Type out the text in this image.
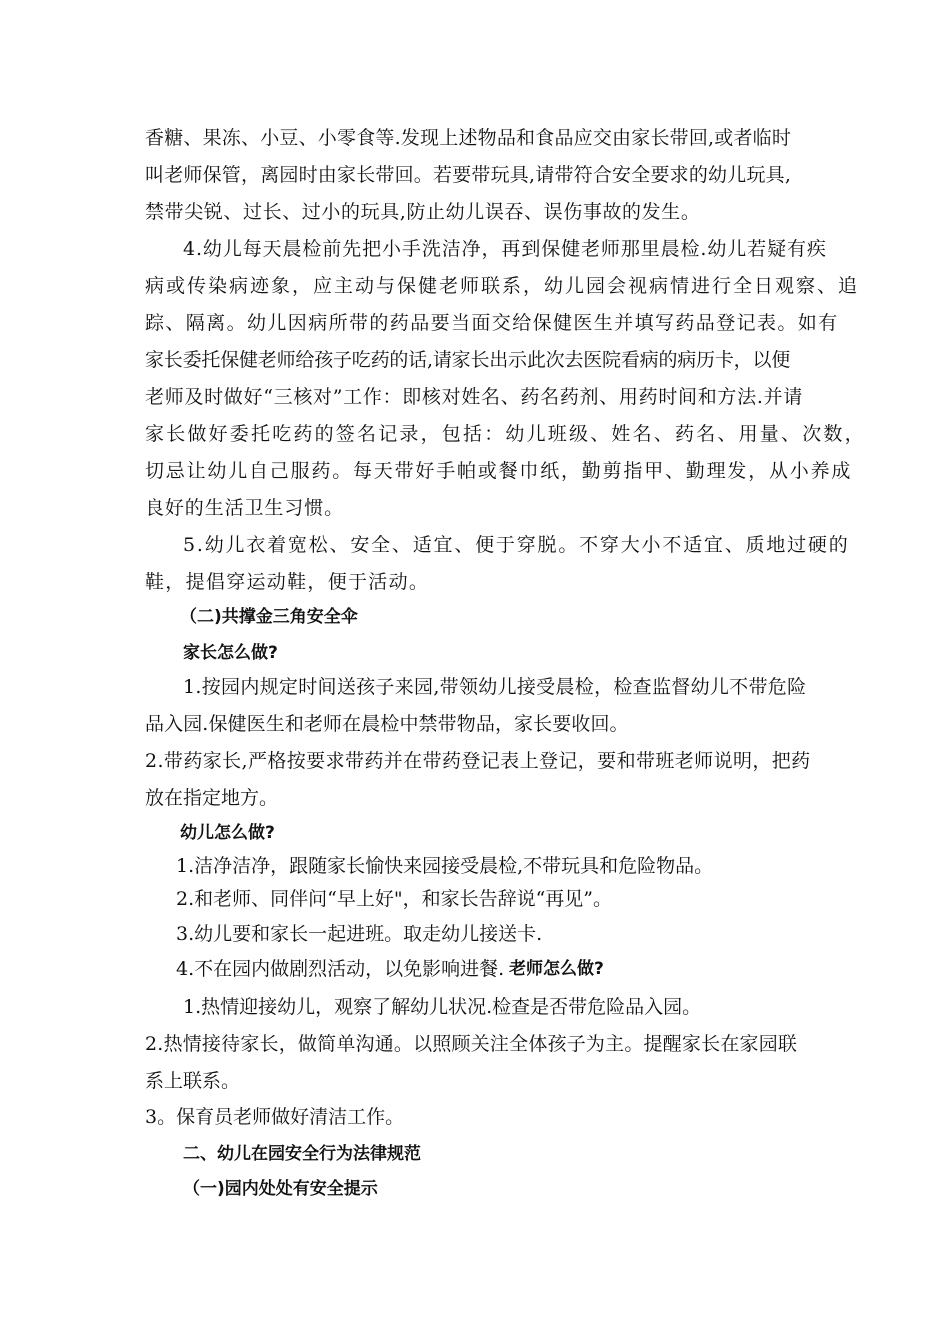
香糖、果冻、小豆、小零食等.发现上述物品和食品应交由家长带回,或者临时
叫老师保管，离园时由家长带回。若要带玩具,请带符合安全要求的幼儿玩具,
禁带尖锐、过长、过小的玩具,防止幼儿误吞、误伤事故的发生。
4.幼儿每天晨检前先把小手洗洁净，再到保健老师那里晨检.幼儿若疑有疾
病或传染病迹象，应主动与保健老师联系，幼儿园会视病情进行全日观察、追
踪、隔离。幼儿因病所带的药品要当面交给保健医生并填写药品登记表。如有
家长委托保健老师给孩子吃药的话,请家长出示此次去医院看病的病历卡，以便
老师及时做好“三核对”工作：即核对姓名、药名药剂、用药时间和方法.并请
家长做好委托吃药的签名记录，包括：幼儿班级、姓名、药名、用量、次数，
切忌让幼儿自己服药。每天带好手帕或餐巾纸，勤剪指甲、勤理发，从小养成
良好的生活卫生习惯。
5.幼儿衣着宽松、安全、适宜、便于穿脱。不穿大小不适宜、质地过硬的
鞋，提倡穿运动鞋，便于活动。
（二)共撑金三角安全伞
家长怎么做?
1.按园内规定时间送孩子来园,带领幼儿接受晨检，检查监督幼儿不带危险
品入园.保健医生和老师在晨检中禁带物品，家长要收回。
2.带药家长,严格按要求带药并在带药登记表上登记，要和带班老师说明，把药
放在指定地方。
幼儿怎么做?
1.洁净洁净，跟随家长愉快来园接受晨检,不带玩具和危险物品。
2.和老师、同伴问“早上好"，和家长告辞说“再见”。
3.幼儿要和家长一起进班。取走幼儿接送卡.
4.不在园内做剧烈活动，以免影响进餐. 老师怎么做?
1.热情迎接幼儿，观察了解幼儿状况.检查是否带危险品入园。
2.热情接待家长，做简单沟通。以照顾关注全体孩子为主。提醒家长在家园联
系上联系。
3。保育员老师做好清洁工作。
二、幼儿在园安全行为法律规范
（一)园内处处有安全提示
